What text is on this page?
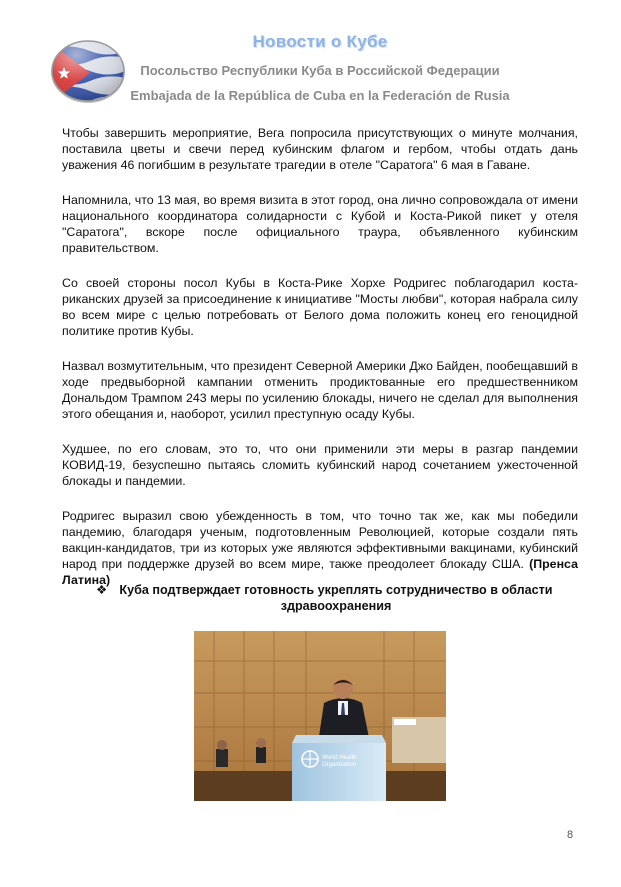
Новости о Кубе
Посольство Республики Куба в Российской Федерации
Embajada de la República de Cuba en la Federación de Rusia

Чтобы завершить мероприятие, Вега попросила присутствующих о минуте молчания, поставила цветы и свечи перед кубинским флагом и гербом, чтобы отдать дань уважения 46 погибшим в результате трагедии в отеле "Саратога" 6 мая в Гаване.

Напомнила, что 13 мая, во время визита в этот город, она лично сопровождала от имени национального координатора солидарности с Кубой и Коста-Рикой пикет у отеля "Саратога", вскоре после официального траура, объявленного кубинским правительством.

Со своей стороны посол Кубы в Коста-Рике Хорхе Родригес поблагодарил коста-риканских друзей за присоединение к инициативе "Мосты любви", которая набрала силу во всем мире с целью потребовать от Белого дома положить конец его геноцидной политике против Кубы.

Назвал возмутительным, что президент Северной Америки Джо Байден, пообещавший в ходе предвыборной кампании отменить продиктованные его предшественником Дональдом Трампом 243 меры по усилению блокады, ничего не сделал для выполнения этого обещания и, наоборот, усилил преступную осаду Кубы.

Худшее, по его словам, это то, что они применили эти меры в разгар пандемии КОВИД-19, безуспешно пытаясь сломить кубинский народ сочетанием ужесточенной блокады и пандемии.

Родригес выразил свою убежденность в том, что точно так же, как мы победили пандемию, благодаря ученым, подготовленным Революцией, которые создали пять вакцин-кандидатов, три из которых уже являются эффективными вакцинами, кубинский народ при поддержке друзей во всем мире, также преодолеет блокаду США. (Пренса Латина)

❖ Куба подтверждает готовность укреплять сотрудничество в области здравоохранения
World Health
Organization
8
